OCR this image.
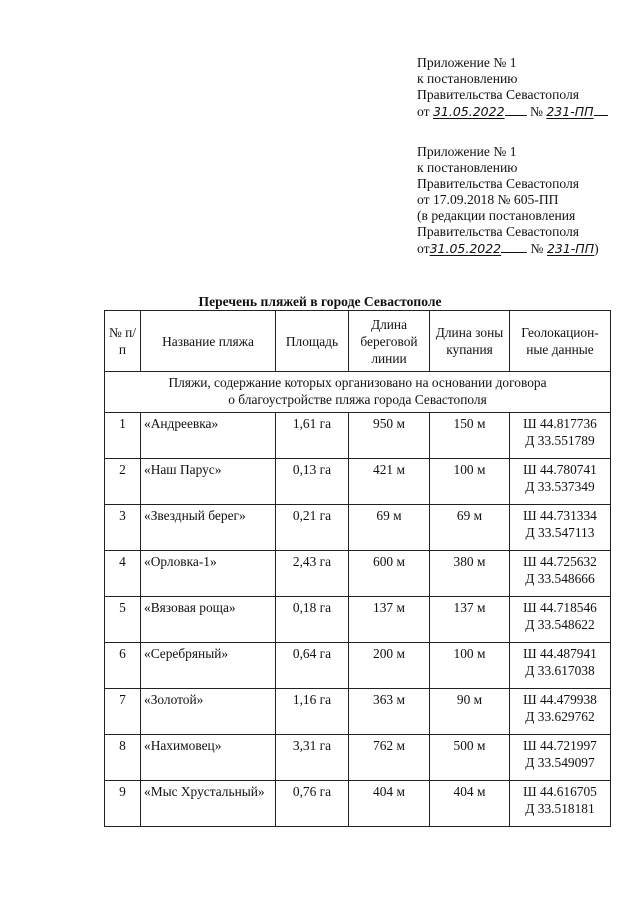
Приложение № 1
к постановлению
Правительства Севастополя
от 31.05.2022 № 231-ПП
Приложение № 1
к постановлению
Правительства Севастополя
от 17.09.2018 № 605-ПП
(в редакции постановления
Правительства Севастополя
от31.05.2022 № 231-ПП)
Перечень пляжей в городе Севастополе
№ п/п	Название пляжа	Площадь	Длина береговой линии	Длина зоны купания	Геолокацион-ные данные

Пляжи, содержание которых организовано на основании договора
о благоустройстве пляжа города Севастополя					

1	«Андреевка»	1,61 га	950 м	150 м	Ш 44.817736
Д 33.551789

2	«Наш Парус»	0,13 га	421 м	100 м	Ш 44.780741
Д 33.537349

3	«Звездный берег»	0,21 га	69 м	69 м	Ш 44.731334
Д 33.547113

4	«Орловка-1»	2,43 га	600 м	380 м	Ш 44.725632
Д 33.548666

5	«Вязовая роща»	0,18 га	137 м	137 м	Ш 44.718546
Д 33.548622

6	«Серебряный»	0,64 га	200 м	100 м	Ш 44.487941
Д 33.617038

7	«Золотой»	1,16 га	363 м	90 м	Ш 44.479938
Д 33.629762

8	«Нахимовец»	3,31 га	762 м	500 м	Ш 44.721997
Д 33.549097

9	«Мыс Хрустальный»	0,76 га	404 м	404 м	Ш 44.616705
Д 33.518181
